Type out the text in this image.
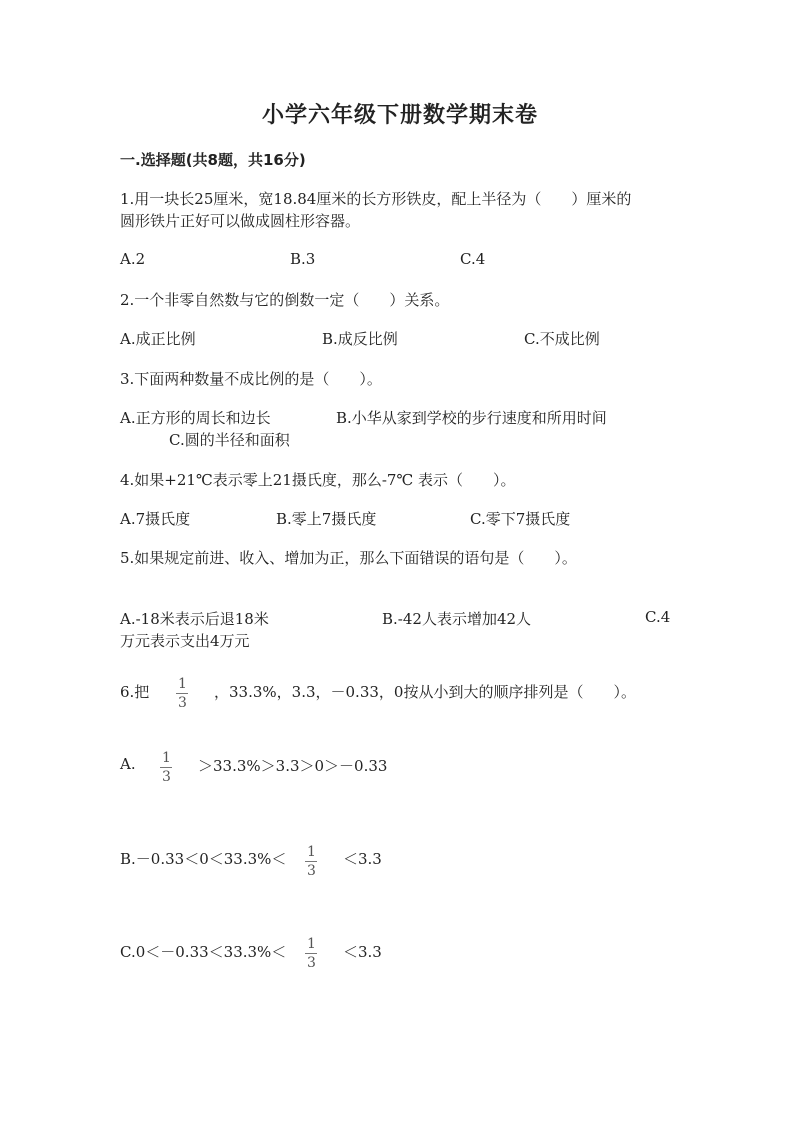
小学六年级下册数学期末卷
一.选择题(共8题，共16分)
1.用一块长25厘米，宽18.84厘米的长方形铁皮，配上半径为（　　）厘米的
圆形铁片正好可以做成圆柱形容器。
A.2	B.3	C.4
2.一个非零自然数与它的倒数一定（　　）关系。
A.成正比例	B.成反比例	C.不成比例
3.下面两种数量不成比例的是（　　）。
A.正方形的周长和边长	B.小华从家到学校的步行速度和所用时间
C.圆的半径和面积
4.如果+21℃表示零上21摄氏度，那么-7℃ 表示（　　）。
A.7摄氏度	B.零上7摄氏度	C.零下7摄氏度
5.如果规定前进、收入、增加为正，那么下面错误的语句是（　　）。
A.-18米表示后退18米	B.-42人表示增加42人	C.4
万元表示支出4万元
6.把 1
3
，33.3%，3.3，－0.33，0按从小到大的顺序排列是（　　）。
A. 1
3
＞33.3%＞3.3＞0＞－0.33
B.－0.33＜0＜33.3%＜ 1
3
＜3.3
C.0＜－0.33＜33.3%＜ 1
3
＜3.3
